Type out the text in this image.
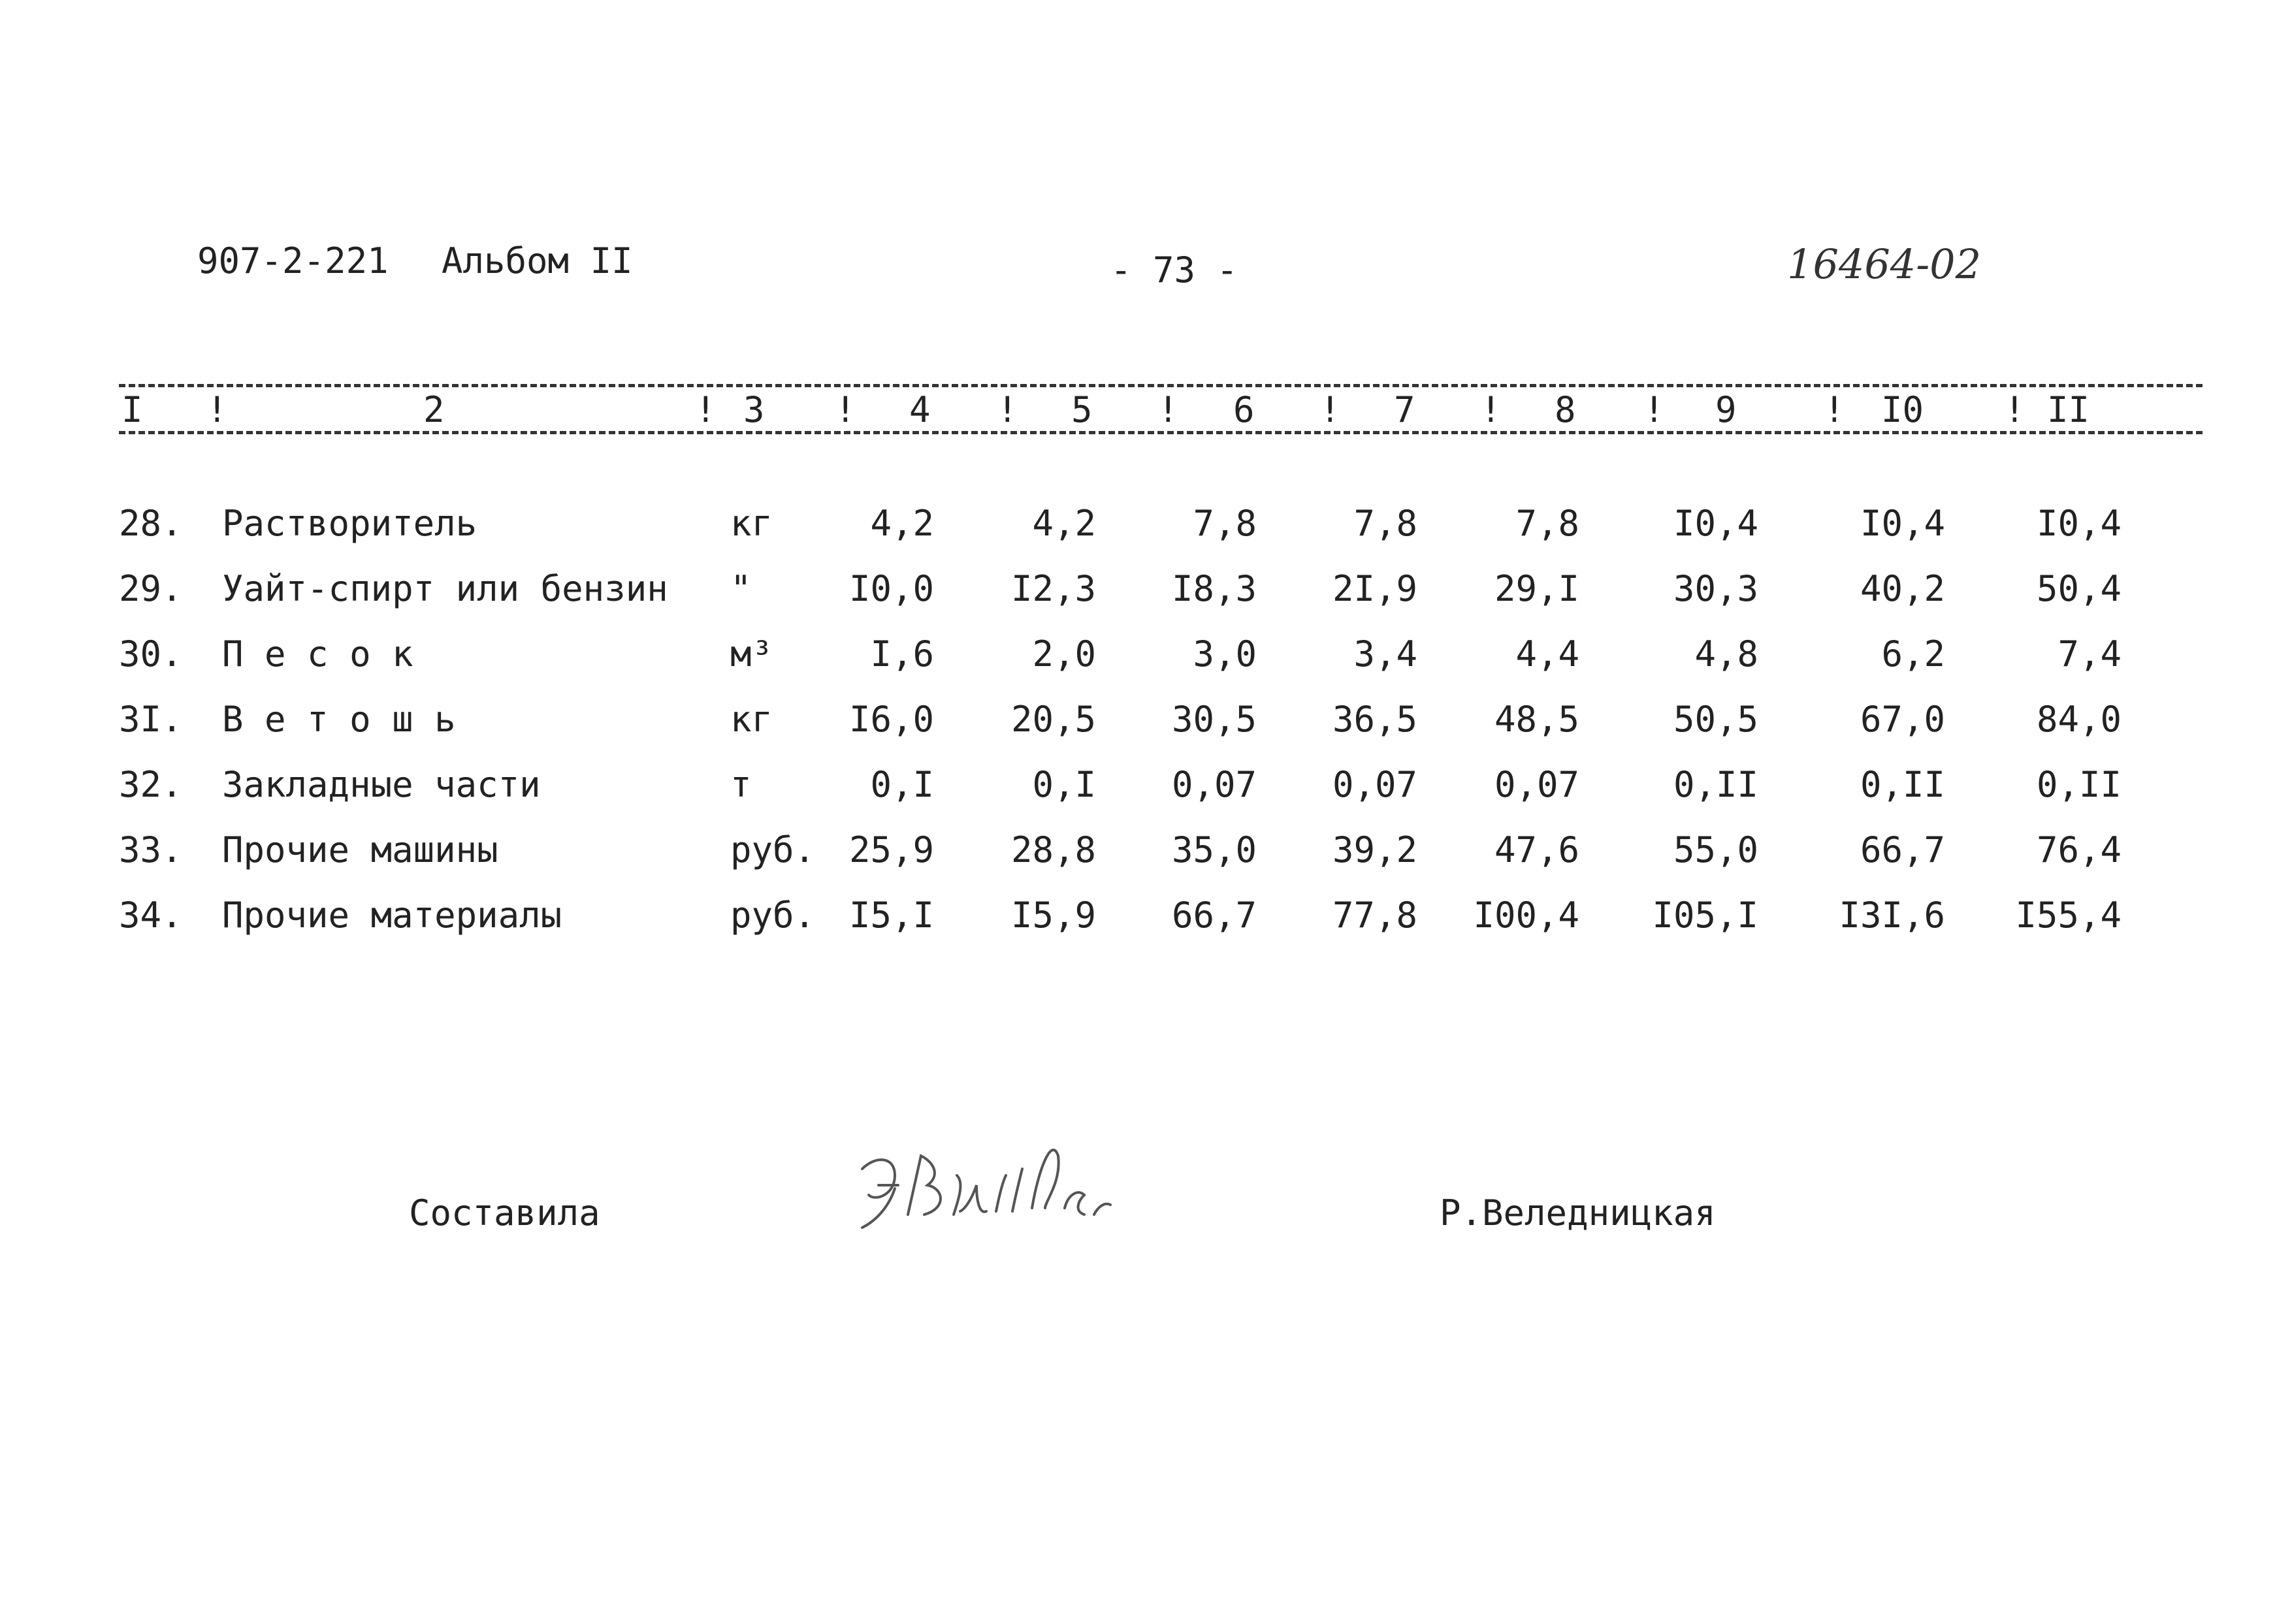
907-2-221 Альбом II	- 73 -	16464-02
I !	2	! 3 ! 4 ! 5 ! 6 ! 7 ! 8 ! 9 ! I0 ! II
28. Растворитель	кг	4,2	4,2	7,8	7,8	7,8	I0,4	I0,4	I0,4
29. Уайт-спирт или бензин "	I0,0	I2,3	I8,3	2I,9	29,I	30,3	40,2	50,4
30. П е с о к	м³	I,6	2,0	3,0	3,4	4,4	4,8	6,2	7,4
3I. В е т о ш ь	кг	I6,0	20,5	30,5	36,5	48,5	50,5	67,0	84,0
32. Закладные части	т	0,I	0,I	0,07	0,07	0,07	0,II	0,II	0,II
33. Прочие машины	руб. 25,9	28,8	35,0	39,2	47,6	55,0	66,7	76,4
34. Прочие материалы	руб. I5,I	I5,9	66,7	77,8	I00,4	I05,I	I3I,6	I55,4
Составила	Р.Веледницкая
